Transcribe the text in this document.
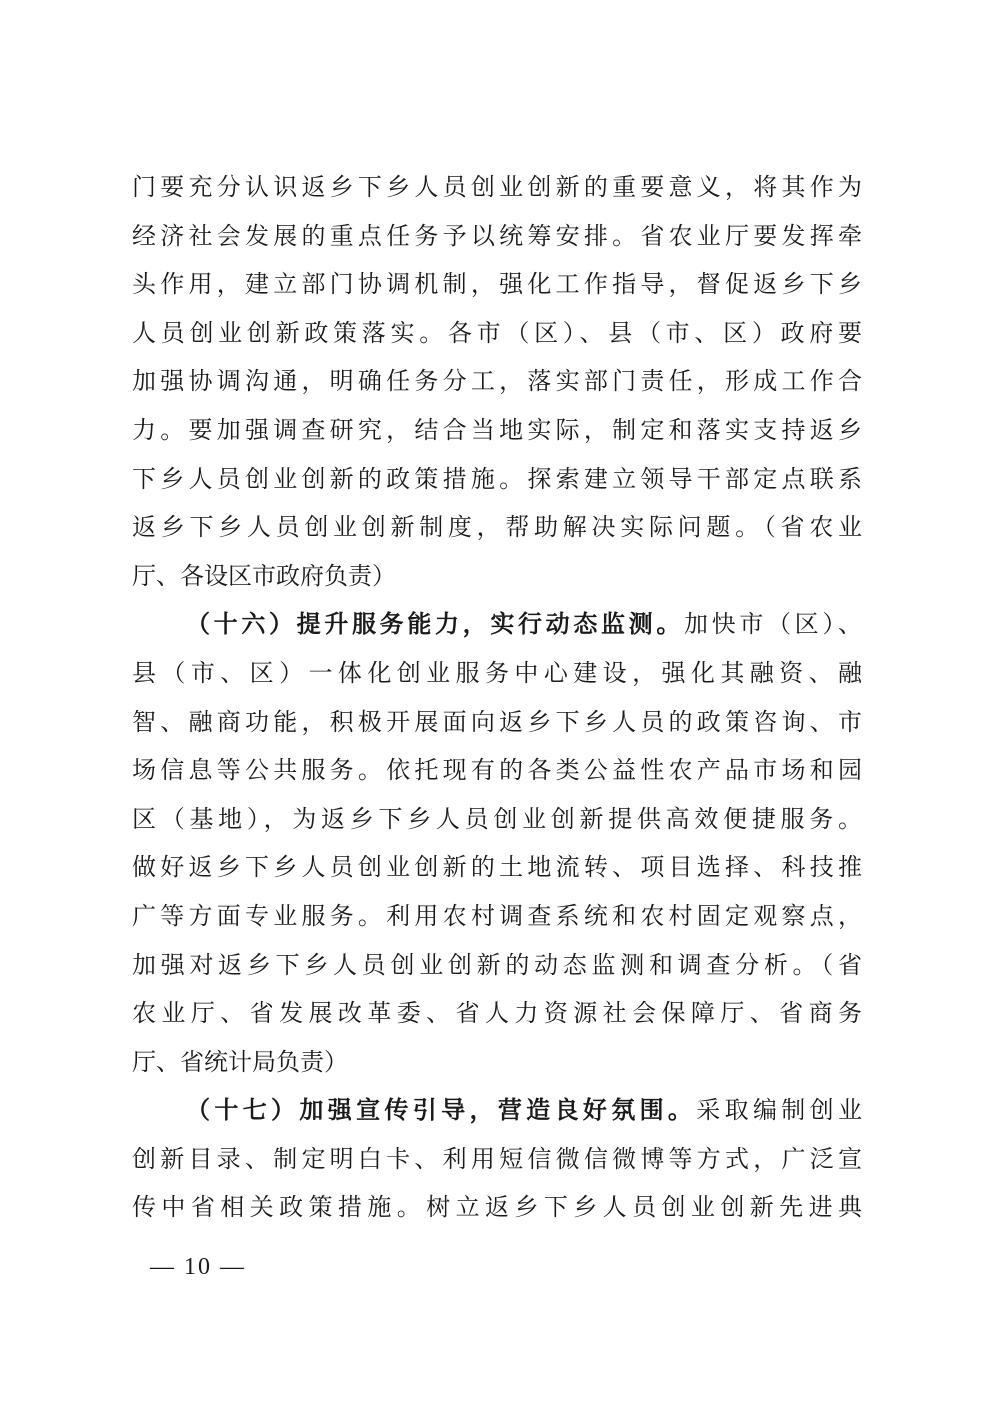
门要充分认识返乡下乡人员创业创新的重要意义，将其作为
经济社会发展的重点任务予以统筹安排。省农业厅要发挥牵
头作用，建立部门协调机制，强化工作指导，督促返乡下乡
人员创业创新政策落实。各市（区）、县（市、区）政府要
加强协调沟通，明确任务分工，落实部门责任，形成工作合
力。要加强调查研究，结合当地实际，制定和落实支持返乡
下乡人员创业创新的政策措施。探索建立领导干部定点联系
返乡下乡人员创业创新制度，帮助解决实际问题。（省农业
厅、各设区市政府负责）
（十六）提升服务能力，实行动态监测。加快市（区）、
县（市、区）一体化创业服务中心建设，强化其融资、融
智、融商功能，积极开展面向返乡下乡人员的政策咨询、市
场信息等公共服务。依托现有的各类公益性农产品市场和园
区（基地），为返乡下乡人员创业创新提供高效便捷服务。
做好返乡下乡人员创业创新的土地流转、项目选择、科技推
广等方面专业服务。利用农村调查系统和农村固定观察点，
加强对返乡下乡人员创业创新的动态监测和调查分析。（省
农业厅、省发展改革委、省人力资源社会保障厅、省商务
厅、省统计局负责）
（十七）加强宣传引导，营造良好氛围。采取编制创业
创新目录、制定明白卡、利用短信微信微博等方式，广泛宣
传中省相关政策措施。树立返乡下乡人员创业创新先进典
— 10 —
